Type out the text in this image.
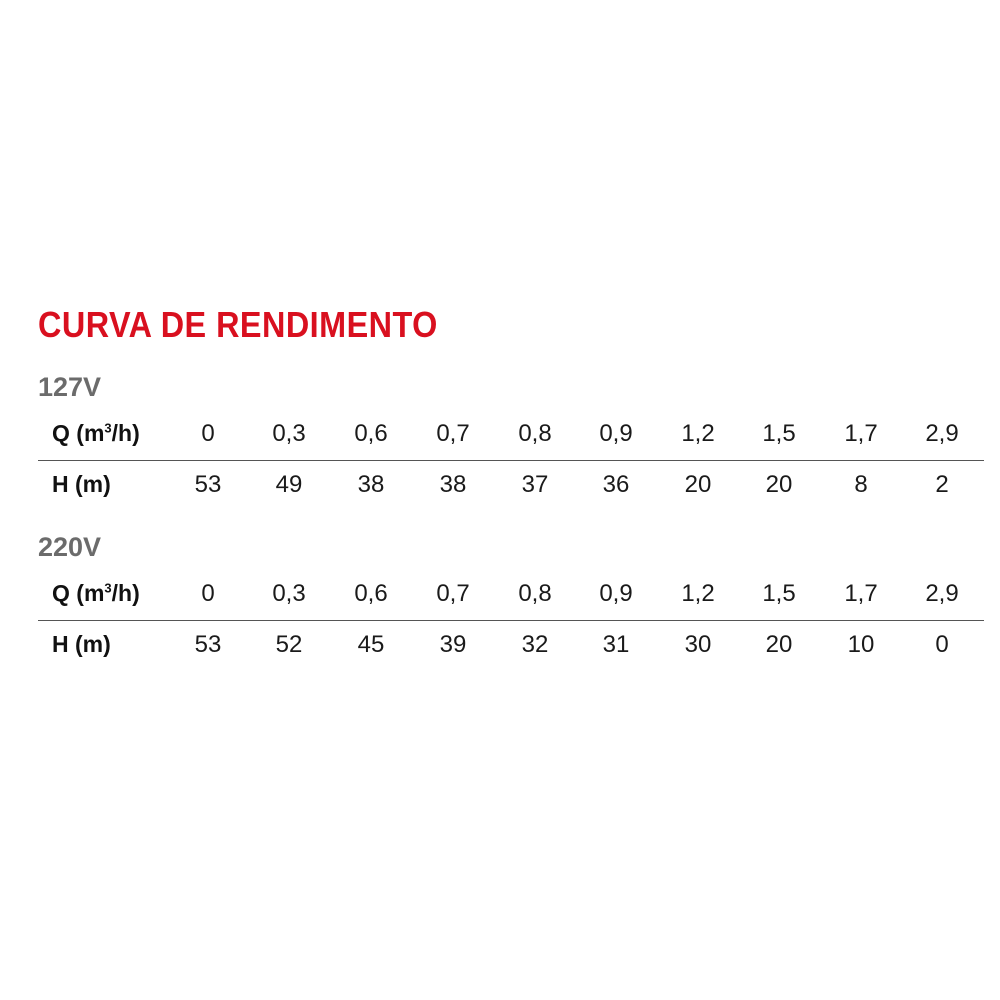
CURVA DE RENDIMENTO
127V
Q $(m^3/h)$	0	0,3	0,6	0,7	0,8	0,9	1,2	1,5	1,7	2,9
H (m)	53	49	38	38	37	36	20	20	8	2
220V
Q $(m^3/h)$	0	0,3	0,6	0,7	0,8	0,9	1,2	1,5	1,7	2,9
H (m)	53	52	45	39	32	31	30	20	10	0
